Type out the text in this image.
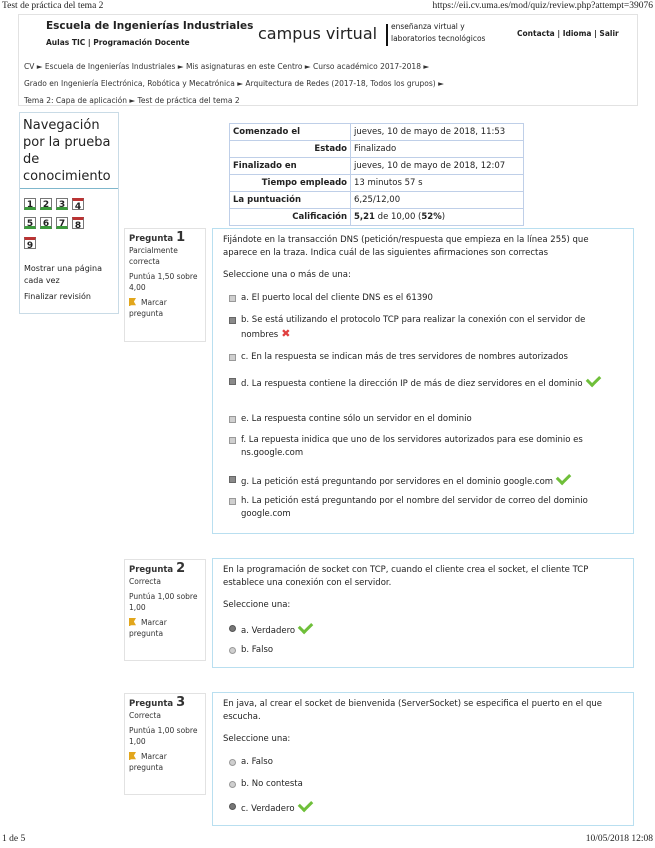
Test de práctica del tema 2	https://eii.cv.uma.es/mod/quiz/review.php?attempt=39076
1 de 5	10/05/2018 12:08
Escuela de Ingenierías Industriales
Aulas TIC | Programación Docente	campus virtual enseñanza virtual y
laboratorios tecnológicos
Contacta | Idioma | Salir
CV ► Escuela de Ingenierías Industriales ► Mis asignaturas en este Centro ► Curso académico 2017-2018 ►
Grado en Ingeniería Electrónica, Robótica y Mecatrónica ► Arquitectura de Redes (2017-18, Todos los grupos) ►
Tema 2: Capa de aplicación ► Test de práctica del tema 2
Navegación por la prueba de conocimiento
1	2	3	4
5	6	7	8
9
Mostrar una página cada vez
Finalizar revisión
Comenzado el	jueves, 10 de mayo de 2018, 11:53
Estado	Finalizado
Finalizado en	jueves, 10 de mayo de 2018, 12:07
Tiempo empleado	13 minutos 57 s
La puntuación	6,25/12,00
Calificación	5,21 de 10,00 (52%)
Pregunta 1
Parcialmente correcta
Puntúa 1,50 sobre 4,00
Marcar pregunta
Fijándote en la transacción DNS (petición/respuesta que empieza en la línea 255) que aparece en la traza. Indica cuál de las siguientes afirmaciones son correctas
Seleccione una o más de una:
a. El puerto local del cliente DNS es el 61390
b. Se está utilizando el protocolo TCP para realizar la conexión con el servidor de nombres ✖
c. En la respuesta se indican más de tres servidores de nombres autorizados
d. La respuesta contiene la dirección IP de más de diez servidores en el dominio
e. La respuesta contine sólo un servidor en el dominio
f. La repuesta inidica que uno de los servidores autorizados para ese dominio es ns.google.com
g. La petición está preguntando por servidores en el dominio google.com
h. La petición está preguntando por el nombre del servidor de correo del dominio google.com
Pregunta 2
Correcta
Puntúa 1,00 sobre 1,00
Marcar pregunta
En la programación de socket con TCP, cuando el cliente crea el socket, el cliente TCP establece una conexión con el servidor.
Seleccione una:
a. Verdadero
b. Falso
Pregunta 3
Correcta
Puntúa 1,00 sobre 1,00
Marcar pregunta
En java, al crear el socket de bienvenida (ServerSocket) se especifica el puerto en el que escucha.
Seleccione una:
a. Falso
b. No contesta
c. Verdadero
